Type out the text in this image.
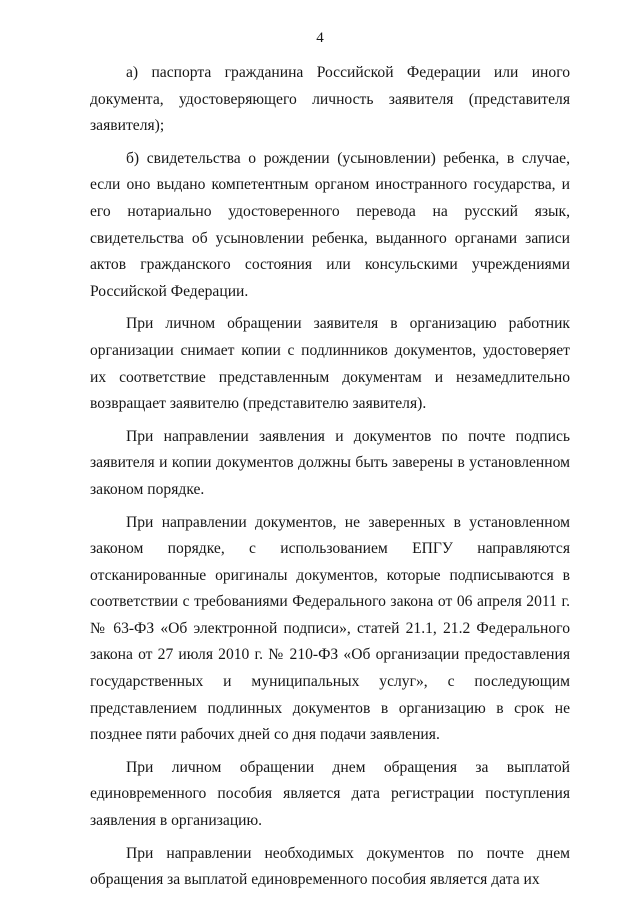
4

а) паспорта гражданина Российской Федерации или иного документа, удостоверяющего личность заявителя (представителя заявителя);

б) свидетельства о рождении (усыновлении) ребенка, в случае, если оно выдано компетентным органом иностранного государства, и его нотариально удостоверенного перевода на русский язык, свидетельства об усыновлении ребенка, выданного органами записи актов гражданского состояния или консульскими учреждениями Российской Федерации.

При личном обращении заявителя в организацию работник организации снимает копии с подлинников документов, удостоверяет их соответствие представленным документам и незамедлительно возвращает заявителю (представителю заявителя).

При направлении заявления и документов по почте подпись заявителя и копии документов должны быть заверены в установленном законом порядке.

При направлении документов, не заверенных в установленном законом порядке, с использованием ЕПГУ направляются отсканированные оригиналы документов, которые подписываются в соответствии с требованиями Федерального закона от 06 апреля 2011 г. № 63-ФЗ «Об электронной подписи», статей 21.1, 21.2 Федерального закона от 27 июля 2010 г. № 210-ФЗ «Об организации предоставления государственных и муниципальных услуг», с последующим представлением подлинных документов в организацию в срок не позднее пяти рабочих дней со дня подачи заявления.

При личном обращении днем обращения за выплатой единовременного пособия является дата регистрации поступления заявления в организацию.

При направлении необходимых документов по почте днем обращения за выплатой единовременного пособия является дата их
